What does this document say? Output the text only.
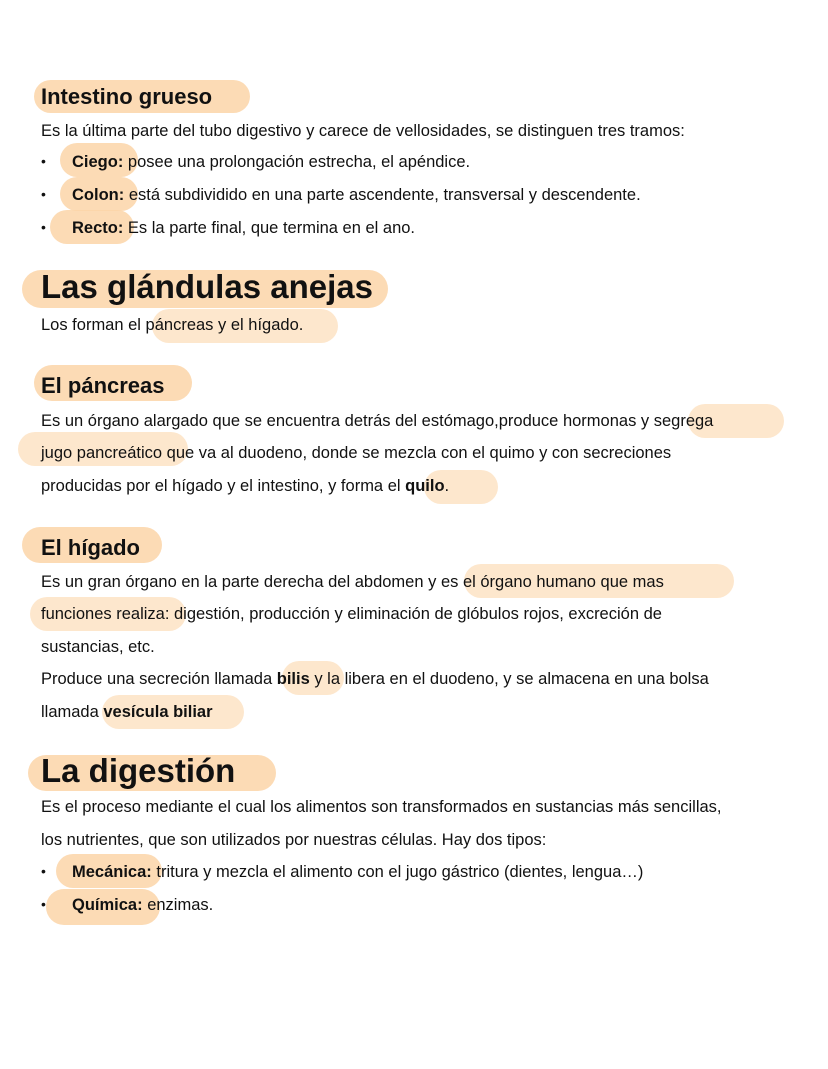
Intestino grueso
Es la última parte del tubo digestivo y carece de vellosidades, se distinguen tres tramos:
• Ciego: posee una prolongación estrecha, el apéndice.
• Colon: está subdividido en una parte ascendente, transversal y descendente.
• Recto: Es la parte final, que termina en el ano.
Las glándulas anejas
Los forman el páncreas y el hígado.
El páncreas
Es un órgano alargado que se encuentra detrás del estómago,produce hormonas y segrega
jugo pancreático que va al duodeno, donde se mezcla con el quimo y con secreciones
producidas por el hígado y el intestino, y forma el quilo.
El hígado
Es un gran órgano en la parte derecha del abdomen y es el órgano humano que mas
funciones realiza: digestión, producción y eliminación de glóbulos rojos, excreción de
sustancias, etc.
Produce una secreción llamada bilis y la libera en el duodeno, y se almacena en una bolsa
llamada vesícula biliar
La digestión
Es el proceso mediante el cual los alimentos son transformados en sustancias más sencillas,
los nutrientes, que son utilizados por nuestras células. Hay dos tipos:
• Mecánica: tritura y mezcla el alimento con el jugo gástrico (dientes, lengua…)
• Química: enzimas.
